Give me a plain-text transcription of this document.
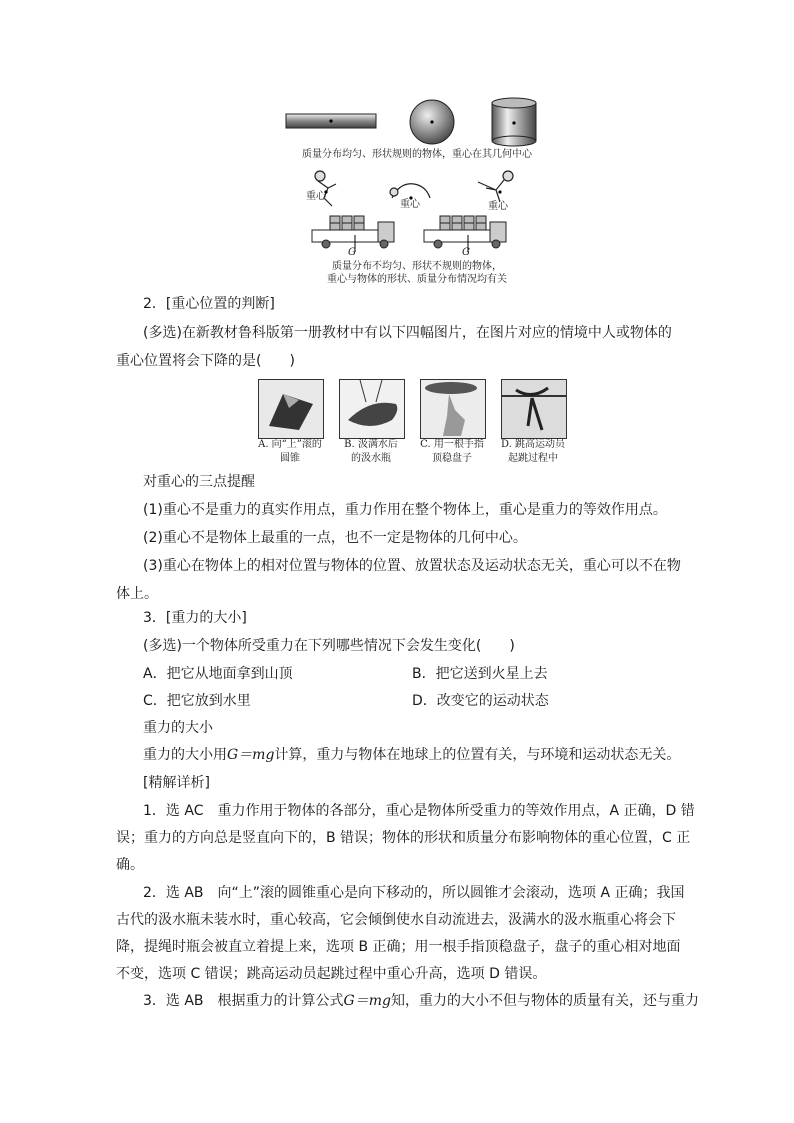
质量分布均匀、形状规则的物体，重心在其几何中心
重心
重心	重心
G	G
质量分布不均匀、形状不规则的物体，
重心与物体的形状、质量分布情况均有关
2．[重心位置的判断]
(多选)在新教材鲁科版第一册教材中有以下四幅图片，在图片对应的情境中人或物体的
重心位置将会下降的是(　　)
A. 向“上”滚的
圆锥
B. 汲满水后
的汲水瓶
C. 用一根手指
顶稳盘子
D. 跳高运动员
起跳过程中
对重心的三点提醒
(1)重心不是重力的真实作用点，重力作用在整个物体上，重心是重力的等效作用点。
(2)重心不是物体上最重的一点，也不一定是物体的几何中心。
(3)重心在物体上的相对位置与物体的位置、放置状态及运动状态无关，重心可以不在物
体上。
3．[重力的大小]
(多选)一个物体所受重力在下列哪些情况下会发生变化(　　)
A．把它从地面拿到山顶	B．把它送到火星上去
C．把它放到水里	D．改变它的运动状态
重力的大小
重力的大小用G＝mg计算，重力与物体在地球上的位置有关，与环境和运动状态无关。
[精解详析]
1．选 AC　重力作用于物体的各部分，重心是物体所受重力的等效作用点，A 正确，D 错
误；重力的方向总是竖直向下的，B 错误；物体的形状和质量分布影响物体的重心位置，C 正
确。
2．选 AB　向“上”滚的圆锥重心是向下移动的，所以圆锥才会滚动，选项 A 正确；我国
古代的汲水瓶未装水时，重心较高，它会倾倒使水自动流进去，汲满水的汲水瓶重心将会下
降，提绳时瓶会被直立着提上来，选项 B 正确；用一根手指顶稳盘子，盘子的重心相对地面
不变，选项 C 错误；跳高运动员起跳过程中重心升高，选项 D 错误。
3．选 AB　根据重力的计算公式G＝mg知，重力的大小不但与物体的质量有关，还与重力
